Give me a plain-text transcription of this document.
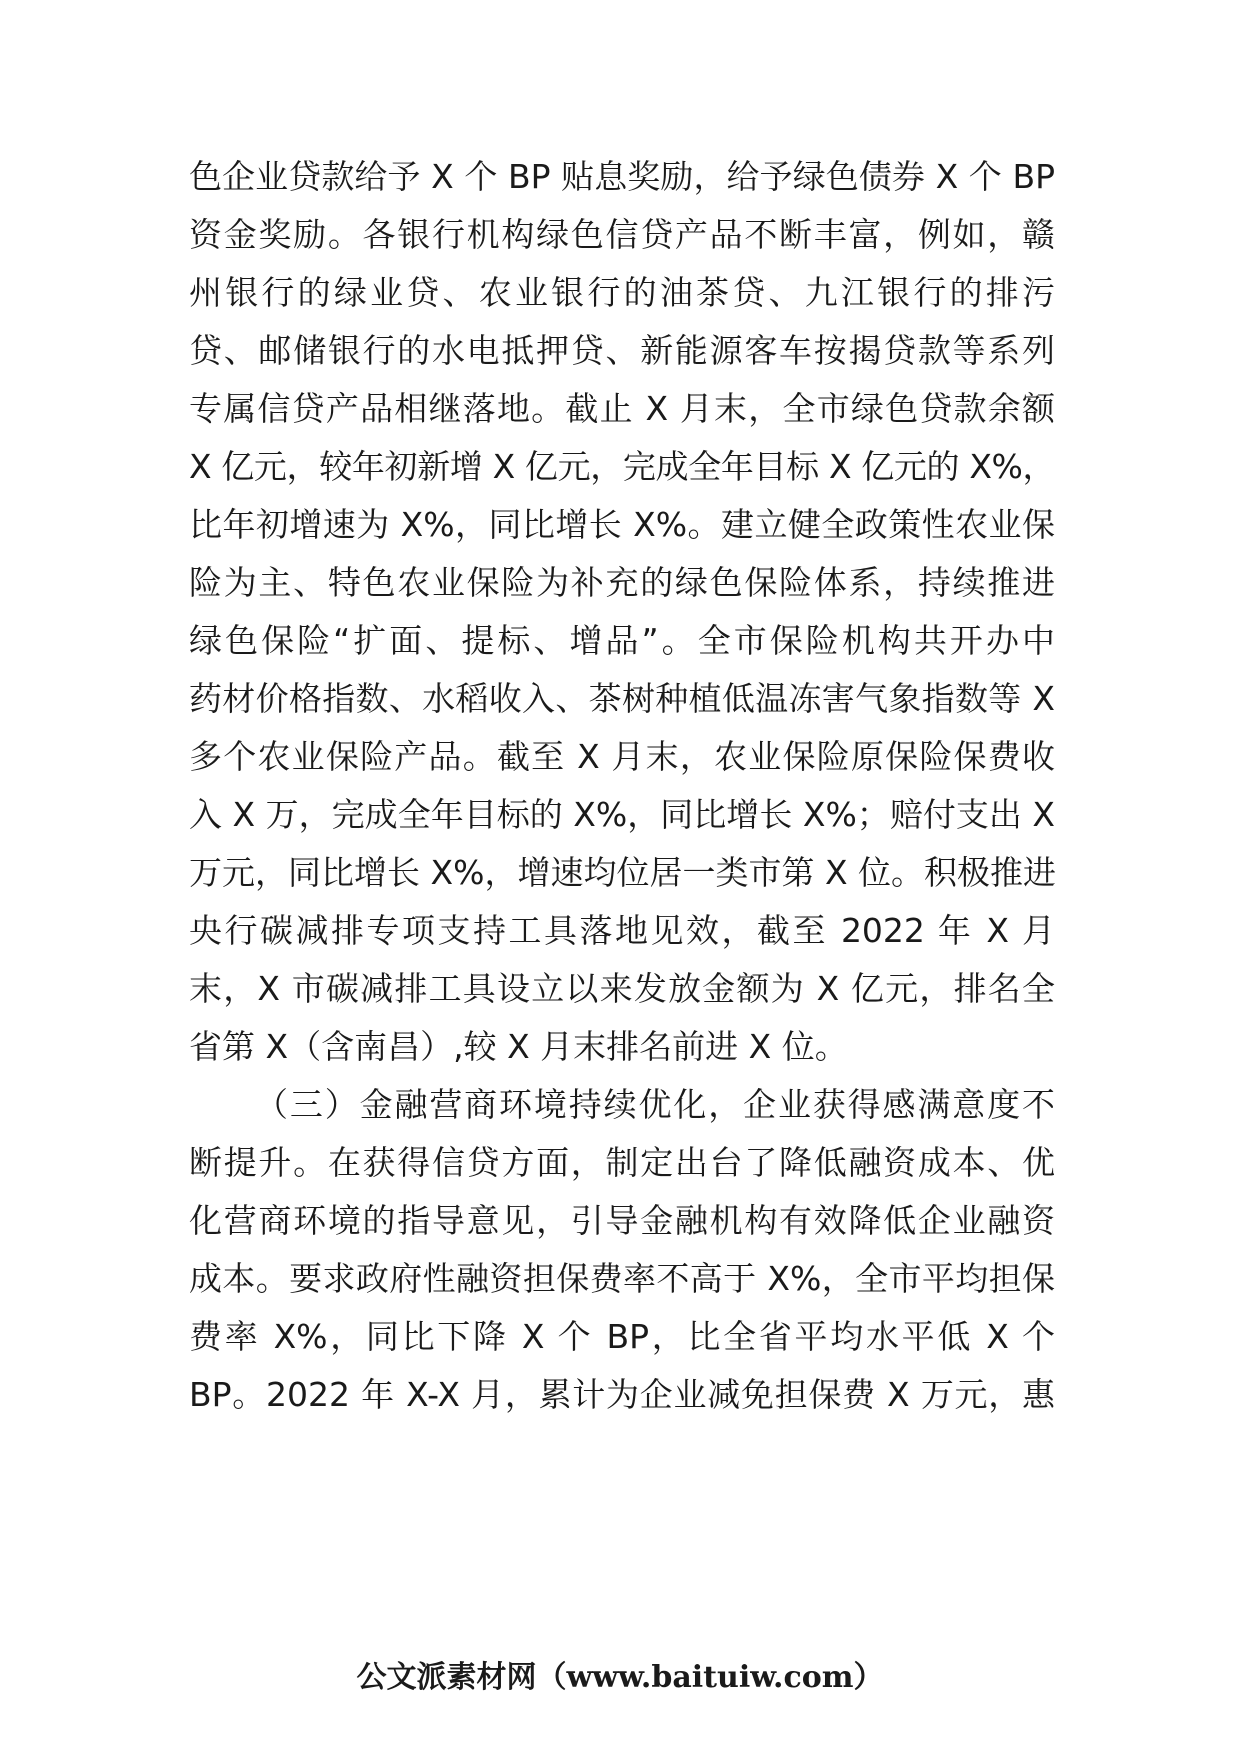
色企业贷款给予 X 个 BP 贴息奖励，给予绿色债券 X 个 BP
资金奖励。各银行机构绿色信贷产品不断丰富，例如，赣
州银行的绿业贷、农业银行的油茶贷、九江银行的排污
贷、邮储银行的水电抵押贷、新能源客车按揭贷款等系列
专属信贷产品相继落地。截止 X 月末，全市绿色贷款余额
X 亿元，较年初新增 X 亿元，完成全年目标 X 亿元的 X%，
比年初增速为 X%，同比增长 X%。建立健全政策性农业保
险为主、特色农业保险为补充的绿色保险体系，持续推进
绿色保险“扩面、提标、增品”。全市保险机构共开办中
药材价格指数、水稻收入、茶树种植低温冻害气象指数等 X
多个农业保险产品。截至 X 月末，农业保险原保险保费收
入 X 万，完成全年目标的 X%，同比增长 X%；赔付支出 X
万元，同比增长 X%，增速均位居一类市第 X 位。积极推进
央行碳减排专项支持工具落地见效，截至 2022 年 X 月
末，X 市碳减排工具设立以来发放金额为 X 亿元，排名全
省第 X（含南昌）,较 X 月末排名前进 X 位。
（三）金融营商环境持续优化，企业获得感满意度不
断提升。在获得信贷方面，制定出台了降低融资成本、优
化营商环境的指导意见，引导金融机构有效降低企业融资
成本。要求政府性融资担保费率不高于 X%，全市平均担保
费率 X%，同比下降 X 个 BP，比全省平均水平低 X 个
BP。2022 年 X-X 月，累计为企业减免担保费 X 万元，惠
公文派素材网（www.baituiw.com）
